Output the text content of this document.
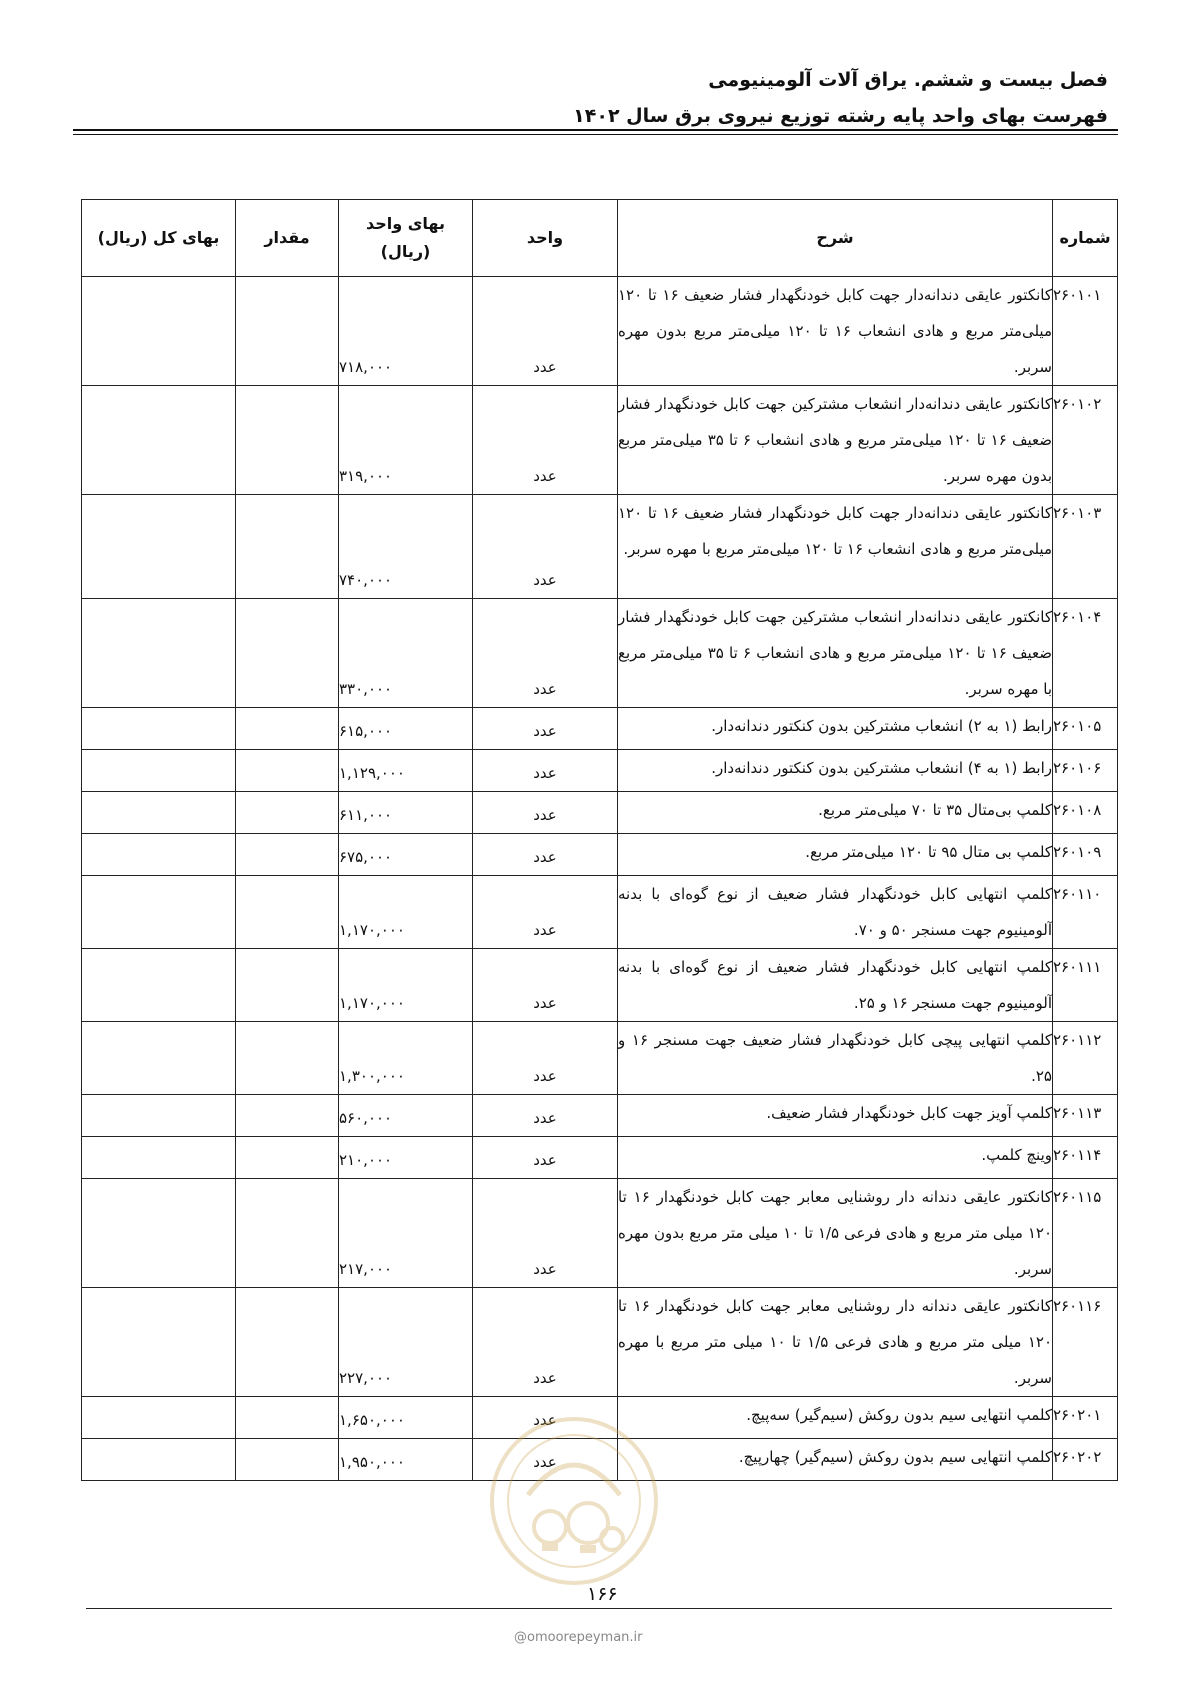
فصل بیست و ششم. یراق آلات آلومینیومی
فهرست بهای واحد پایه رشته توزیع نیروی برق سال ۱۴۰۲
شماره	شرح	واحد	بهای واحد
(ریال)	مقدار	بهای کل (ریال)
۲۶۰۱۰۱	کانکتور عایقی دندانه‌دار جهت کابل خودنگهدار فشار ضعیف ۱۶ تا ۱۲۰ میلی‌متر مربع و هادی انشعاب ۱۶ تا ۱۲۰ میلی‌متر مربع بدون مهره سربر.	عدد	۷۱۸,۰۰۰		
۲۶۰۱۰۲	کانکتور عایقی دندانه‌دار انشعاب مشترکین جهت کابل خودنگهدار فشار ضعیف ۱۶ تا ۱۲۰ میلی‌متر مربع و هادی انشعاب ۶ تا ۳۵ میلی‌متر مربع بدون مهره سربر.	عدد	۳۱۹,۰۰۰		
۲۶۰۱۰۳	کانکتور عایقی دندانه‌دار جهت کابل خودنگهدار فشار ضعیف ۱۶ تا ۱۲۰ میلی‌متر مربع و هادی انشعاب ۱۶ تا ۱۲۰ میلی‌متر مربع با مهره سربر.	عدد	۷۴۰,۰۰۰		
۲۶۰۱۰۴	کانکتور عایقی دندانه‌دار انشعاب مشترکین جهت کابل خودنگهدار فشار ضعیف ۱۶ تا ۱۲۰ میلی‌متر مربع و هادی انشعاب ۶ تا ۳۵ میلی‌متر مربع با مهره سربر.	عدد	۳۳۰,۰۰۰		
۲۶۰۱۰۵	رابط (۱ به ۲) انشعاب مشترکین بدون کنکتور دندانه‌دار.	عدد	۶۱۵,۰۰۰		
۲۶۰۱۰۶	رابط (۱ به ۴) انشعاب مشترکین بدون کنکتور دندانه‌دار.	عدد	۱,۱۲۹,۰۰۰		
۲۶۰۱۰۸	کلمپ بی‌متال ۳۵ تا ۷۰ میلی‌متر مربع.	عدد	۶۱۱,۰۰۰		
۲۶۰۱۰۹	کلمپ بی متال ۹۵ تا ۱۲۰ میلی‌متر مربع.	عدد	۶۷۵,۰۰۰		
۲۶۰۱۱۰	کلمپ انتهایی کابل خودنگهدار فشار ضعیف از نوع گوه‌ای با بدنه آلومینیوم جهت مسنجر ۵۰ و ۷۰.	عدد	۱,۱۷۰,۰۰۰		
۲۶۰۱۱۱	کلمپ انتهایی کابل خودنگهدار فشار ضعیف از نوع گوه‌ای با بدنه آلومینیوم جهت مسنجر ۱۶ و ۲۵.	عدد	۱,۱۷۰,۰۰۰		
۲۶۰۱۱۲	کلمپ انتهایی پیچی کابل خودنگهدار فشار ضعیف جهت مسنجر ۱۶ و ۲۵.	عدد	۱,۳۰۰,۰۰۰		
۲۶۰۱۱۳	کلمپ آویز جهت کابل خودنگهدار فشار ضعیف.	عدد	۵۶۰,۰۰۰		
۲۶۰۱۱۴	وینچ کلمپ.	عدد	۲۱۰,۰۰۰		
۲۶۰۱۱۵	کانکتور عایقی دندانه دار روشنایی معابر جهت کابل خودنگهدار ۱۶ تا ۱۲۰ میلی متر مربع و هادی فرعی ۱/۵ تا ۱۰ میلی متر مربع بدون مهره سربر.	عدد	۲۱۷,۰۰۰		
۲۶۰۱۱۶	کانکتور عایقی دندانه دار روشنایی معابر جهت کابل خودنگهدار ۱۶ تا ۱۲۰ میلی متر مربع و هادی فرعی ۱/۵ تا ۱۰ میلی متر مربع با مهره سربر.	عدد	۲۲۷,۰۰۰		
۲۶۰۲۰۱	کلمپ انتهایی سیم بدون روکش (سیم‌گیر) سه‌پیچ.	عدد	۱,۶۵۰,۰۰۰		
۲۶۰۲۰۲	کلمپ انتهایی سیم بدون روکش (سیم‌گیر) چهارپیچ.	عدد	۱,۹۵۰,۰۰۰		
۱۶۶
@omoorepeyman.ir
